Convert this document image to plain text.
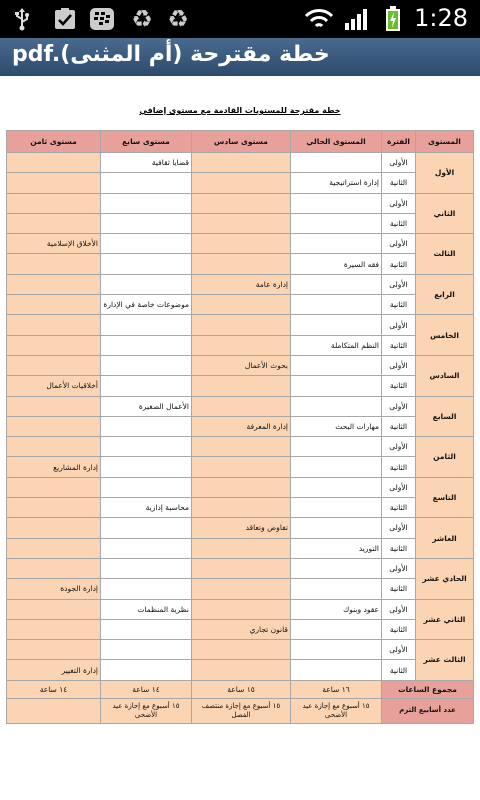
♻ ♻	1:28
pdf.(خطة مقترحة (أم المثنى
خطة مقترحة للمستويات القادمة مع مستوى إضافي
المستوى	الفترة	المستوى الحالي	مستوى سادس	مستوى سابع	مستوى ثامن
الأول	الأولى			قضايا ثقافية	
	الثانية	إدارة استراتيجية			
الثاني	الأولى				
	الثانية				
الثالث	الأولى				الأخلاق الإسلامية
	الثانية	فقه السيرة			
الرابع	الأولى		إدارة عامة		
	الثانية			موضوعات خاصة في الإدارة	
الخامس	الأولى				
	الثانية	النظم المتكاملة			
السادس	الأولى		بحوث الأعمال		
	الثانية				أخلاقيات الأعمال
السابع	الأولى			الأعمال الصغيرة	
	الثانية	مهارات البحث	إدارة المعرفة		
الثامن	الأولى				
	الثانية				إدارة المشاريع
التاسع	الأولى				
	الثانية			محاسبة إدارية	
العاشر	الأولى		تفاوض وتعاقد		
	الثانية	التوريد			
الحادي عشر	الأولى				
	الثانية				إدارة الجودة
الثاني عشر	الأولى	عقود وبنوك		نظرية المنظمات	
	الثانية		قانون تجاري		
الثالث عشر	الأولى				
	الثانية				إدارة التغيير
مجموع الساعات		١٦ ساعة	١٥ ساعة	١٤ ساعة	١٤ ساعة
عدد أسابيع الترم		١٥ أسبوع مع إجازة عيد الأضحى	١٥ أسبوع مع إجازة منتصف الفصل	١٥ أسبوع مع إجازة عيد الأضحى	
